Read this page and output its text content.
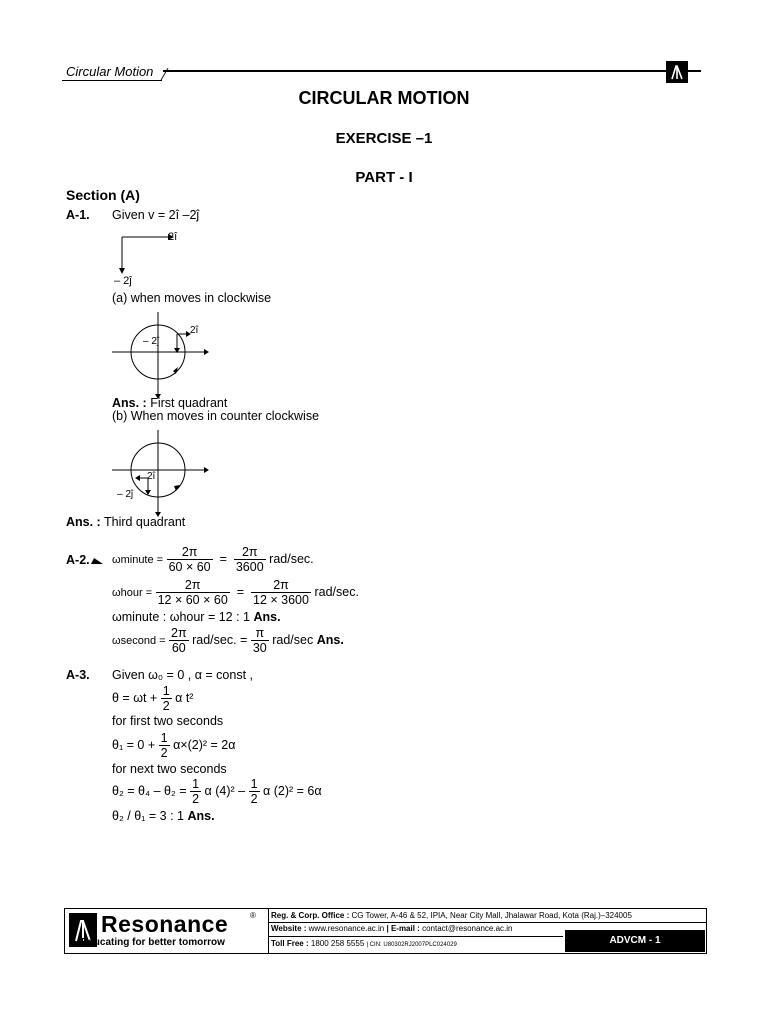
Circular Motion
CIRCULAR MOTION
EXERCISE –1
PART - I
Section (A)
A-1. Given v = 2î –2ĵ
2î
– 2ĵ
(a) when moves in clockwise
– 2ĵ
2î
Ans. : First quadrant
(b) When moves in counter clockwise
2î
– 2ĵ
Ans. : Third quadrant
A-2.	ωminute = $\frac{2\pi}{60 \times 60} = \frac{2\pi}{3600} rad/\sec$.
ωhour = $\frac{2\pi}{12 \times 60 \times 60} = \frac{2\pi}{12 \times 3600} rad/\sec$.
ωminute : ωhour = 12 : 1 Ans.
ωsecond = $\frac{2\pi}{60} rad/\sec$. = $\frac{\pi}{30} rad/\sec$ Ans.
A-3. Given ω₀ = 0 , α = const ,
$\theta = \omega t + \frac{1}{2}$ α t²
for first two seconds
$\theta_1 = 0 + \frac{1}{2} \alpha\times(2)^2 = 2\alpha$
for next two seconds
$\theta_2 = \theta_4 - \theta_2 = \frac{1}{2}$ α $(4)^2 - \frac{1}{2}$ α (2)² = 6α
θ₂ / θ₁ = 3 : 1 Ans.
Resonance	®
Educating for better tomorrow
Reg. & Corp. Office : CG Tower, A-46 & 52, IPIA, Near City Mall, Jhalawar Road, Kota (Raj.)–324005
Website : www.resonance.ac.in | E-mail : contact@resonance.ac.in
Toll Free : 1800 258 5555 | CIN: U80302RJ2007PLC024029	ADVCM - 1
